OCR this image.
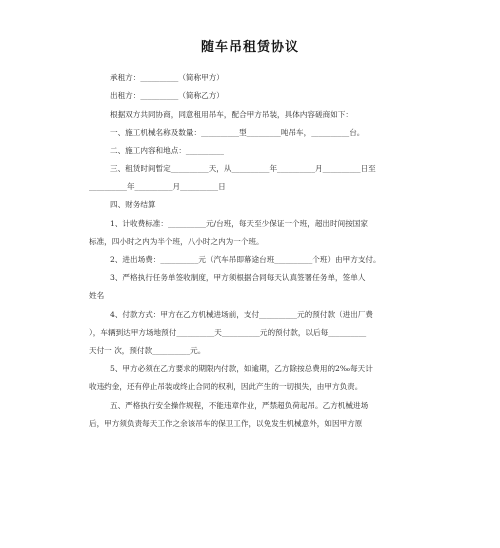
随车吊租赁协议
承租方：__________（简称甲方）
出租方：__________（简称乙方）
根据双方共同协商，同意租用吊车，配合甲方吊装，具体内容磋商如下：
一、施工机械名称及数量：__________型_________吨吊车，__________台。
二、施工内容和地点：__________
三、租赁时间暂定__________天，从__________年__________月__________日至
__________年__________月__________日
四、财务结算
1、计收费标准：__________元/台班，每天至少保证一个班，超出时间按国家
标准，四小时之内为半个班，八小时之内为一个班。
2、进出场费：__________元（汽车吊即幕途台班__________个班）由甲方支付。
3、严格执行任务单签收制度，甲方须根据合同每天认真签署任务单，签单人
姓名
4、付款方式：甲方在乙方机械进场前，支付__________元的预付款（进出厂费
），车辆到达甲方场地预付__________天__________元的预付款，以后每__________
天付一 次，预付款__________元。
5、甲方必须在乙方要求的期限内付款，如逾期，乙方除按总费用的2‰每天计
收违约金，还有停止吊装或终止合同的权利，因此产生的一切损失，由甲方负责。
五、严格执行安全操作规程，不能违章作业，严禁超负荷起吊。乙方机械进场
后，甲方须负责每天工作之余该吊车的保卫工作，以免发生机械意外，如因甲方原
